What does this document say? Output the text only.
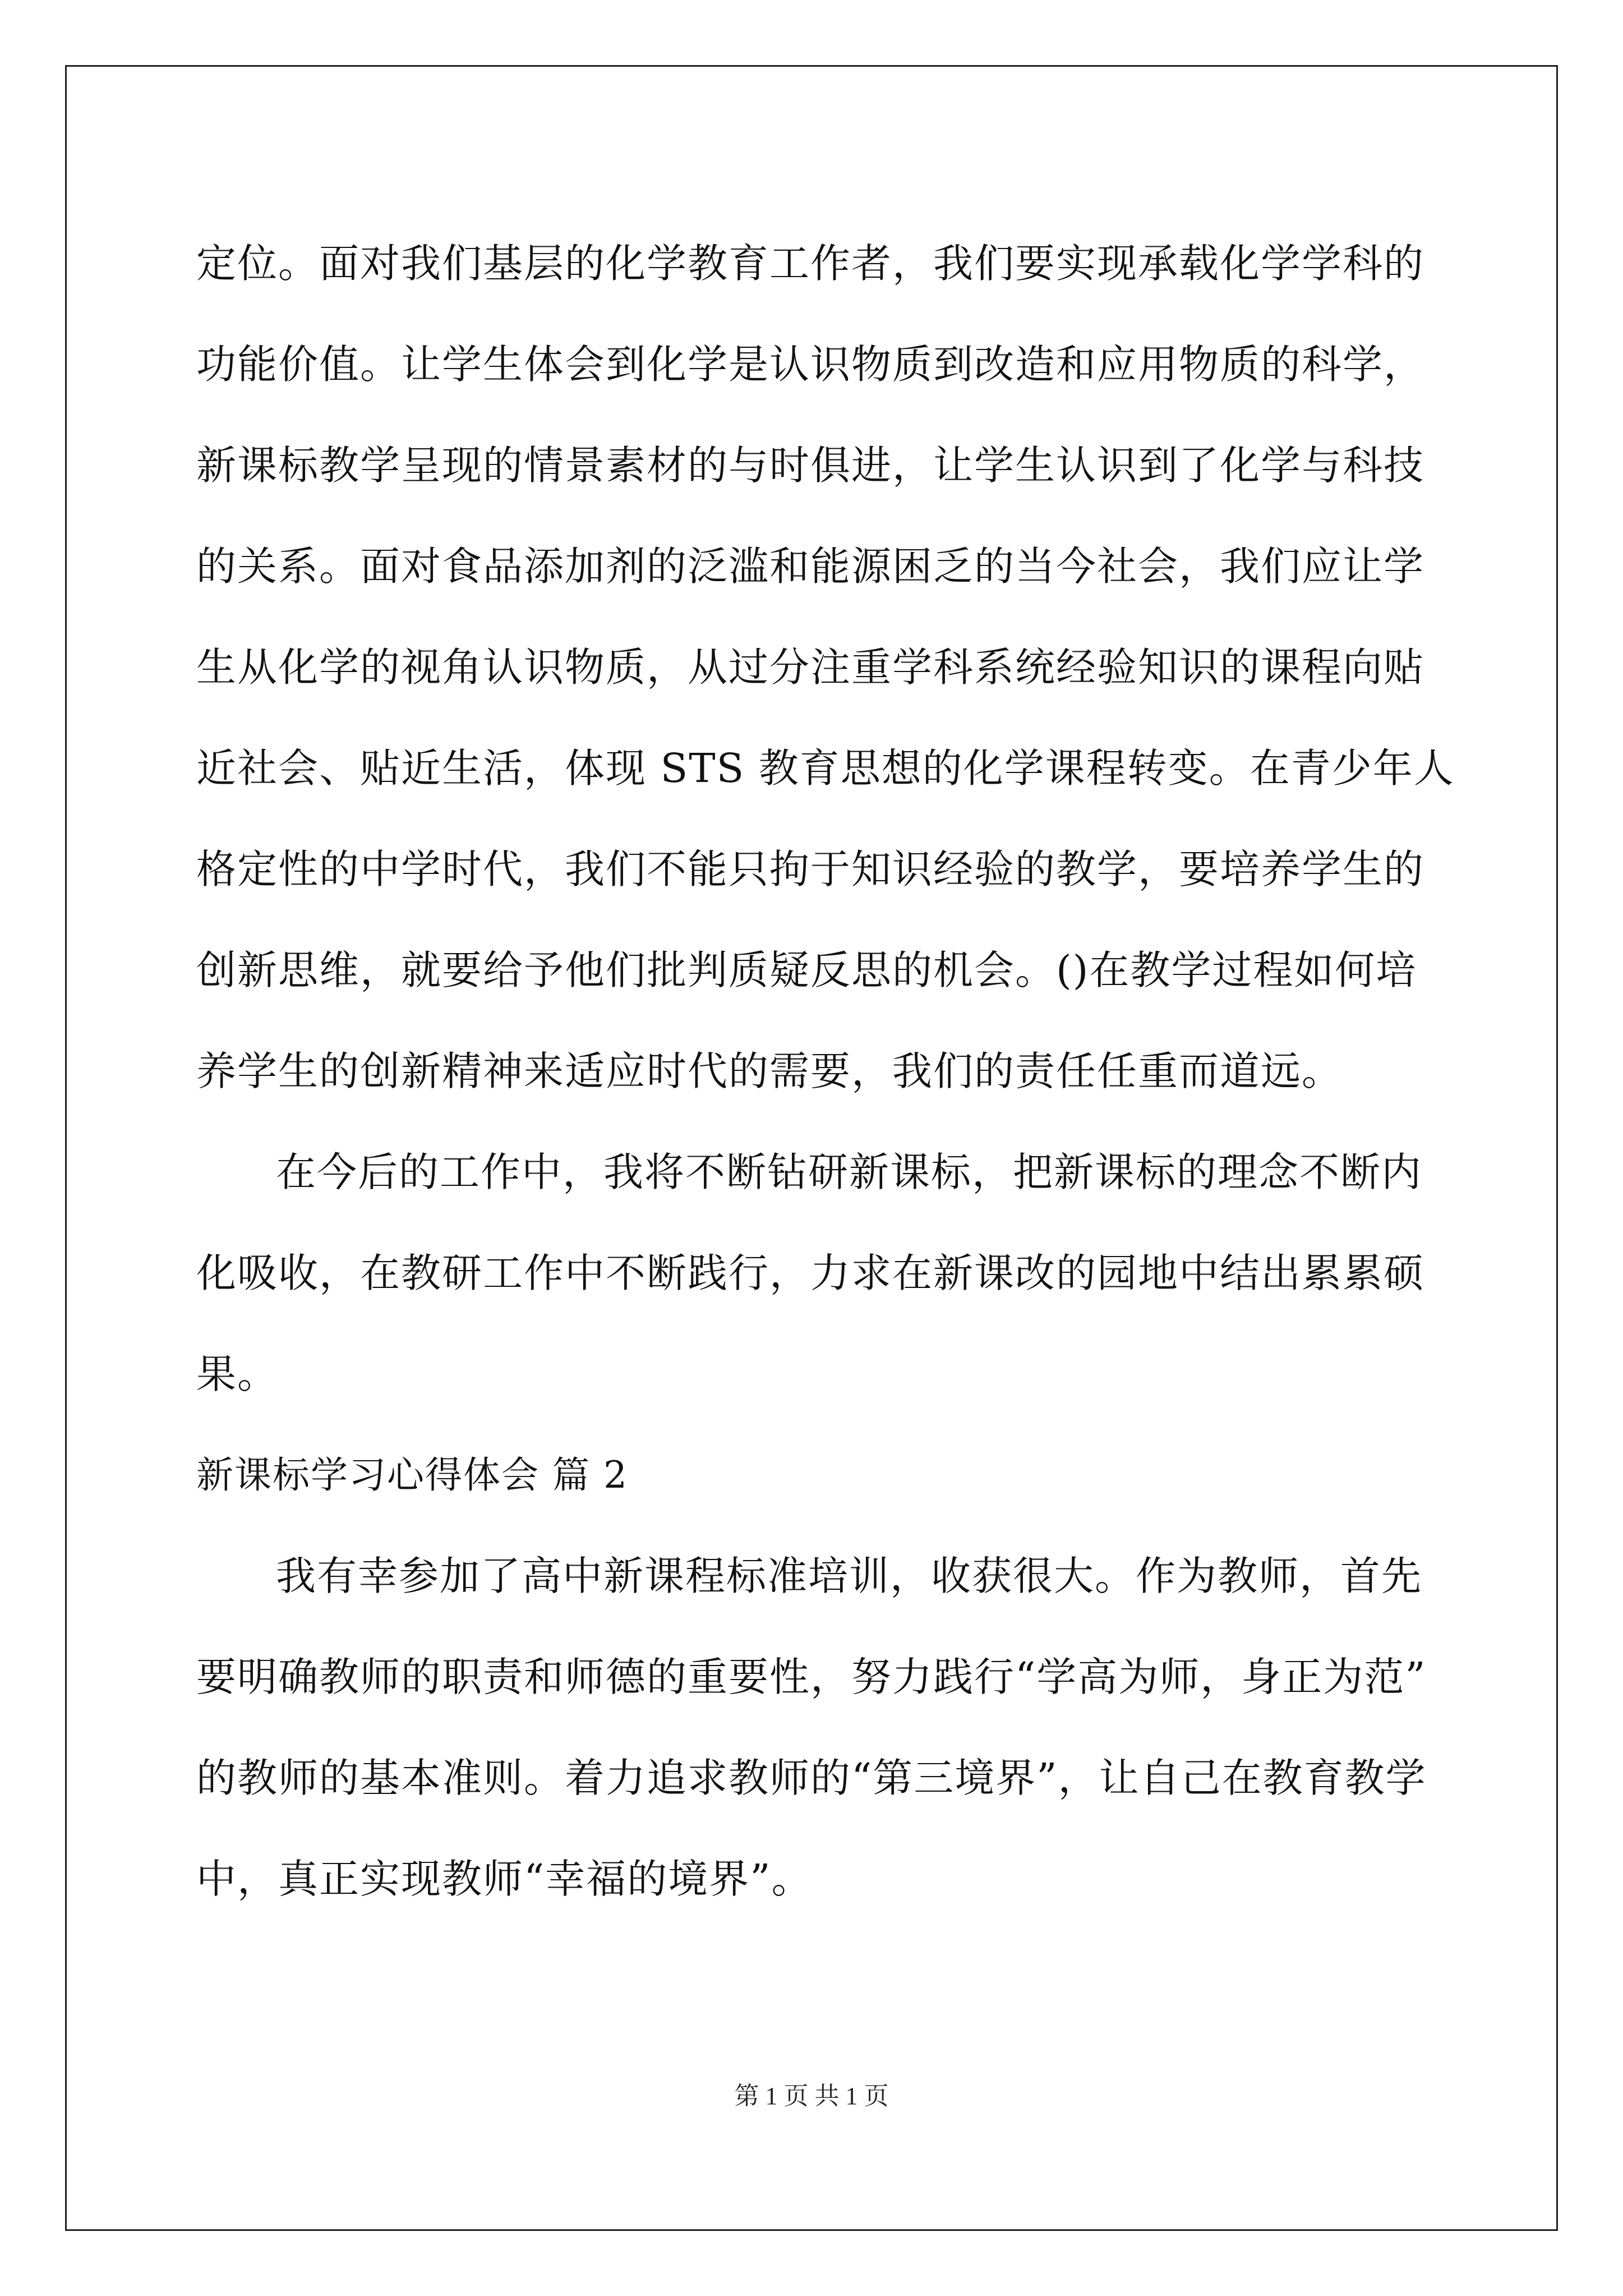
定位。面对我们基层的化学教育工作者，我们要实现承载化学学科的
功能价值。让学生体会到化学是认识物质到改造和应用物质的科学，
新课标教学呈现的情景素材的与时俱进，让学生认识到了化学与科技
的关系。面对食品添加剂的泛滥和能源困乏的当今社会，我们应让学
生从化学的视角认识物质，从过分注重学科系统经验知识的课程向贴
近社会、贴近生活，体现 STS 教育思想的化学课程转变。在青少年人
格定性的中学时代，我们不能只拘于知识经验的教学，要培养学生的
创新思维，就要给予他们批判质疑反思的机会。()在教学过程如何培
养学生的创新精神来适应时代的需要，我们的责任任重而道远。
在今后的工作中，我将不断钻研新课标，把新课标的理念不断内
化吸收，在教研工作中不断践行，力求在新课改的园地中结出累累硕
果。
新课标学习心得体会 篇 2
我有幸参加了高中新课程标准培训，收获很大。作为教师，首先
要明确教师的职责和师德的重要性，努力践行“学高为师，身正为范”
的教师的基本准则。着力追求教师的“第三境界”，让自己在教育教学
中，真正实现教师“幸福的境界”。
第 1 页 共 1 页
